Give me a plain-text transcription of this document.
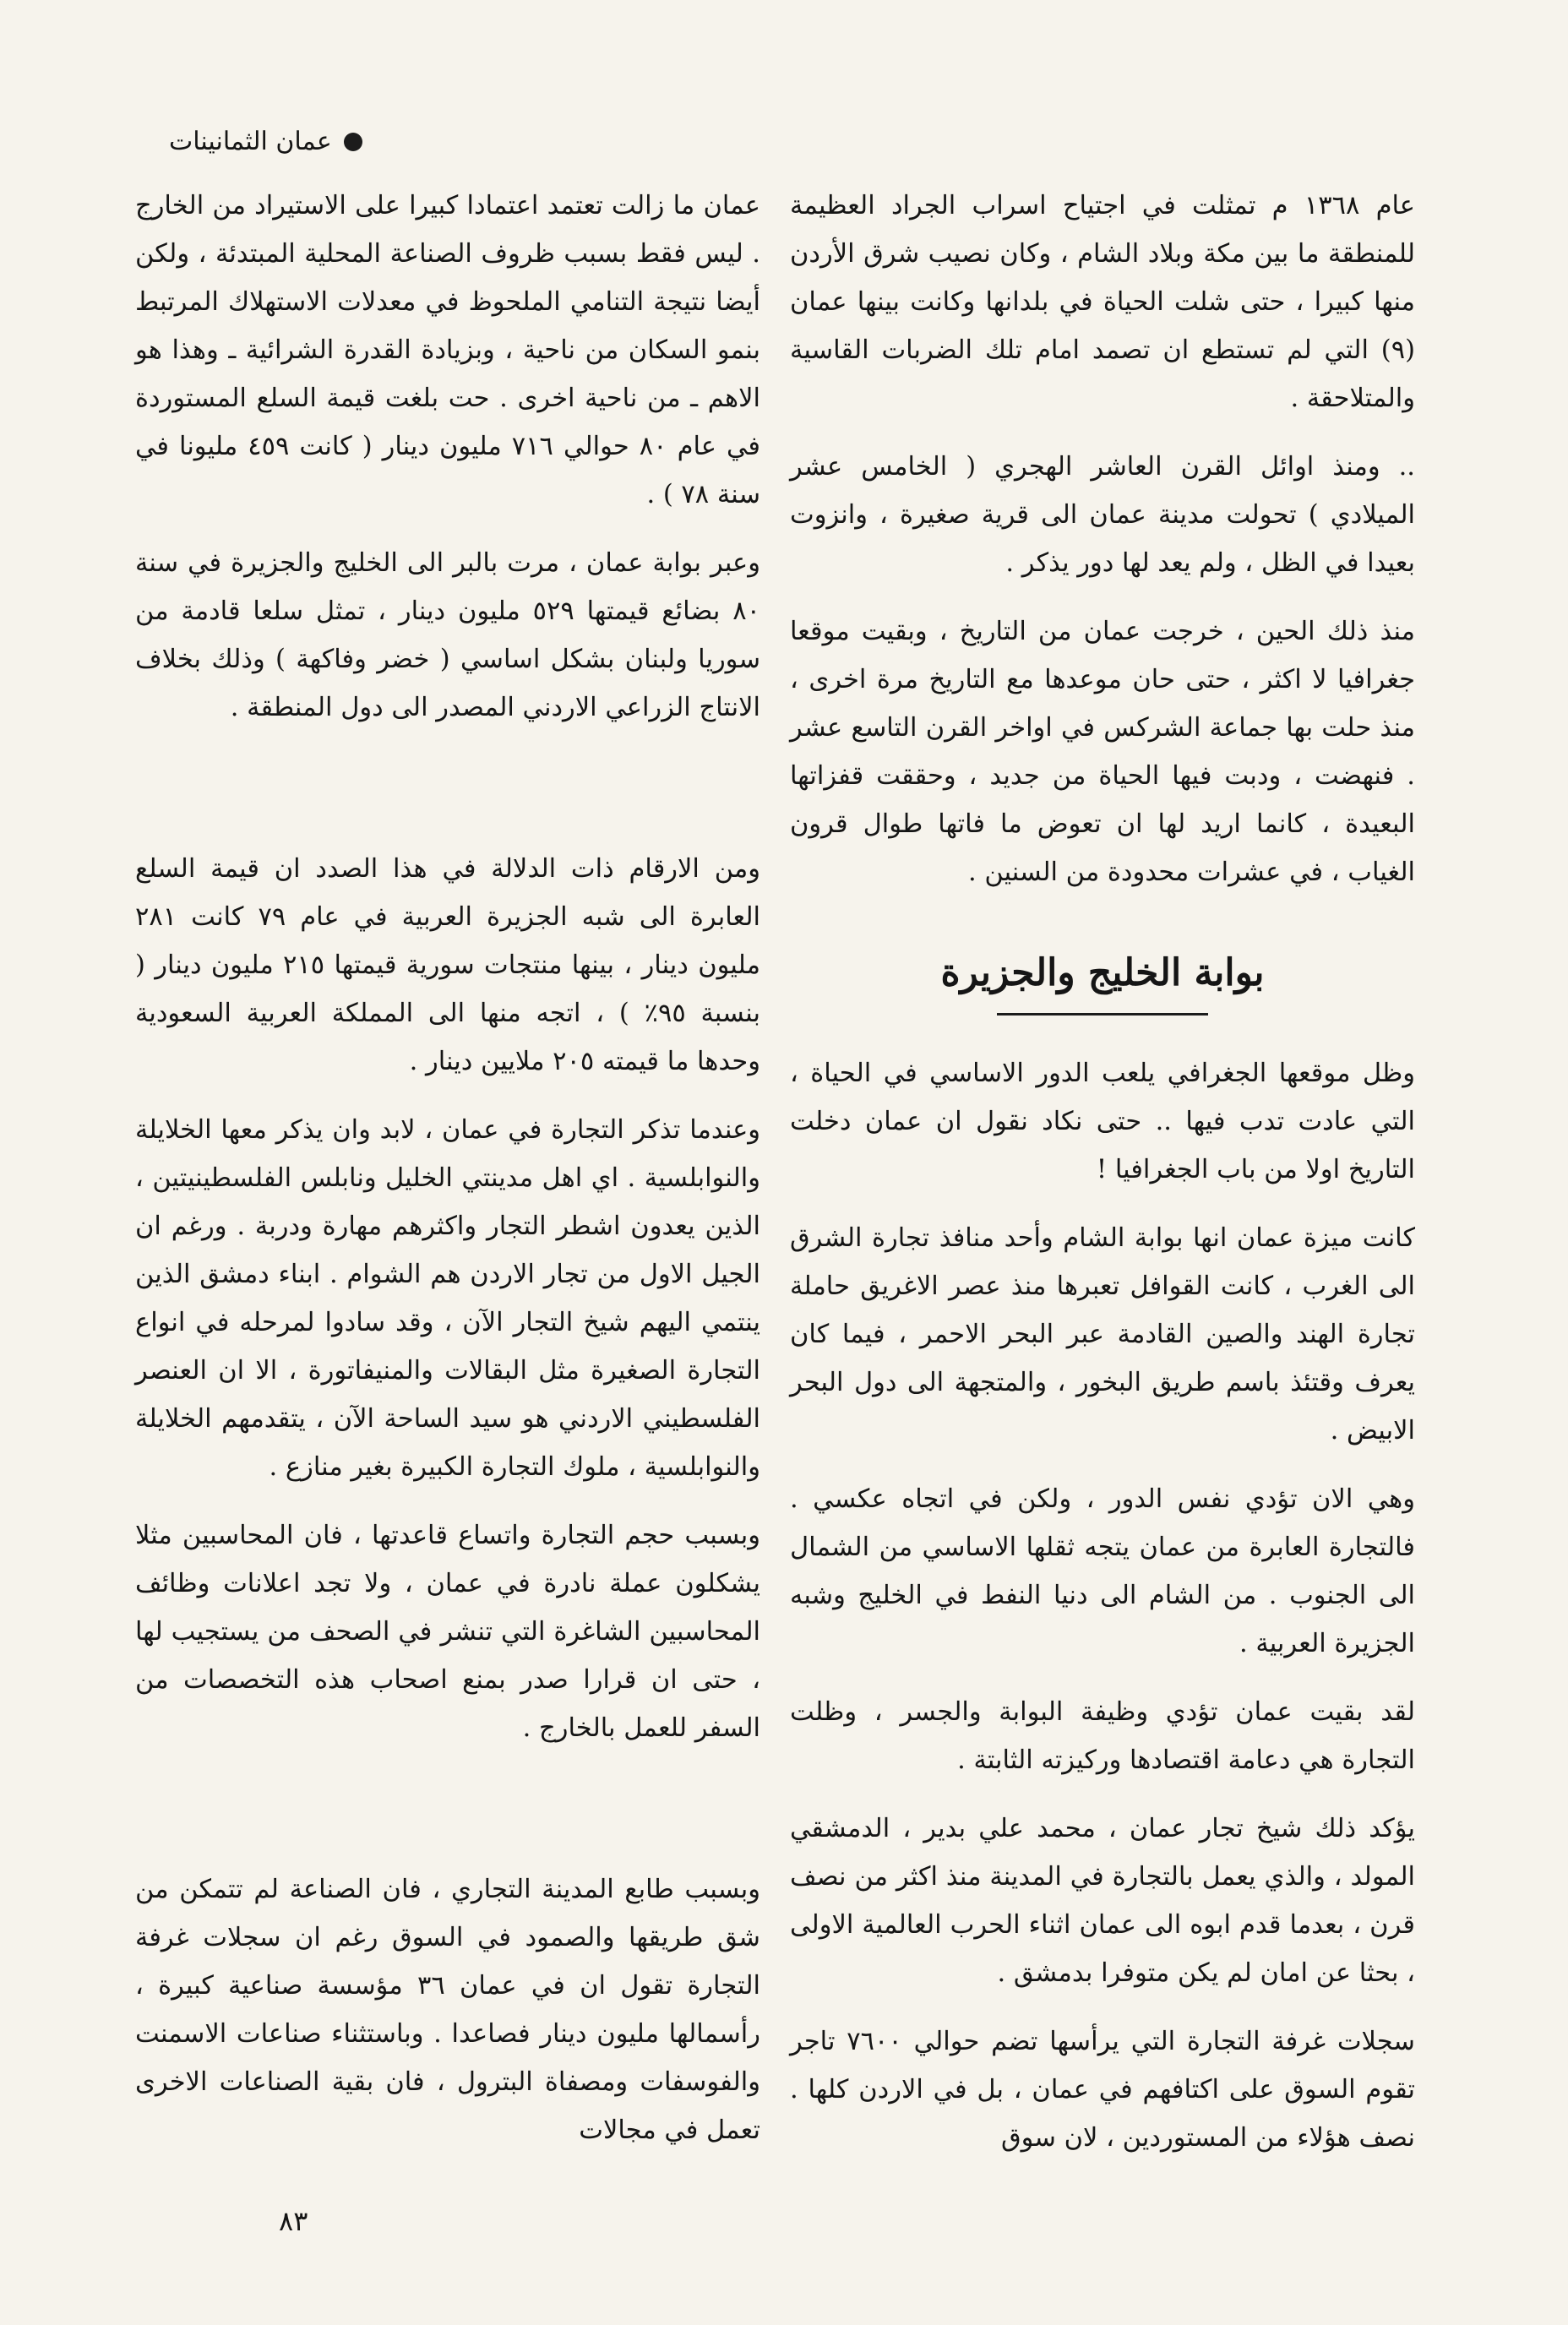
عمان الثمانينات

عام ١٣٦٨ م تمثلت في اجتياح اسراب الجراد العظيمة للمنطقة ما بين مكة وبلاد الشام ، وكان نصيب شرق الأردن منها كبيرا ، حتى شلت الحياة في بلدانها وكانت بينها عمان (٩) التي لم تستطع ان تصمد امام تلك الضربات القاسية والمتلاحقة .

.. ومنذ اوائل القرن العاشر الهجري ( الخامس عشر الميلادي ) تحولت مدينة عمان الى قرية صغيرة ، وانزوت بعيدا في الظل ، ولم يعد لها دور يذكر .

منذ ذلك الحين ، خرجت عمان من التاريخ ، وبقيت موقعا جغرافيا لا اكثر ، حتى حان موعدها مع التاريخ مرة اخرى ، منذ حلت بها جماعة الشركس في اواخر القرن التاسع عشر . فنهضت ، ودبت فيها الحياة من جديد ، وحققت قفزاتها البعيدة ، كانما اريد لها ان تعوض ما فاتها طوال قرون الغياب ، في عشرات محدودة من السنين .

بوابة الخليج والجزيرة

وظل موقعها الجغرافي يلعب الدور الاساسي في الحياة ، التي عادت تدب فيها .. حتى نكاد نقول ان عمان دخلت التاريخ اولا من باب الجغرافيا !

كانت ميزة عمان انها بوابة الشام وأحد منافذ تجارة الشرق الى الغرب ، كانت القوافل تعبرها منذ عصر الاغريق حاملة تجارة الهند والصين القادمة عبر البحر الاحمر ، فيما كان يعرف وقتئذ باسم طريق البخور ، والمتجهة الى دول البحر الابيض .

وهي الان تؤدي نفس الدور ، ولكن في اتجاه عكسي . فالتجارة العابرة من عمان يتجه ثقلها الاساسي من الشمال الى الجنوب . من الشام الى دنيا النفط في الخليج وشبه الجزيرة العربية .

لقد بقيت عمان تؤدي وظيفة البوابة والجسر ، وظلت التجارة هي دعامة اقتصادها وركيزته الثابتة .

يؤكد ذلك شيخ تجار عمان ، محمد علي بدير ، الدمشقي المولد ، والذي يعمل بالتجارة في المدينة منذ اكثر من نصف قرن ، بعدما قدم ابوه الى عمان اثناء الحرب العالمية الاولى ، بحثا عن امان لم يكن متوفرا بدمشق .

سجلات غرفة التجارة التي يرأسها تضم حوالي ٧٦٠٠ تاجر تقوم السوق على اكتافهم في عمان ، بل في الاردن كلها . نصف هؤلاء من المستوردين ، لان سوق

عمان ما زالت تعتمد اعتمادا كبيرا على الاستيراد من الخارج . ليس فقط بسبب ظروف الصناعة المحلية المبتدئة ، ولكن أيضا نتيجة التنامي الملحوظ في معدلات الاستهلاك المرتبط بنمو السكان من ناحية ، وبزيادة القدرة الشرائية ـ وهذا هو الاهم ـ من ناحية اخرى . حت بلغت قيمة السلع المستوردة في عام ٨٠ حوالي ٧١٦ مليون دينار ( كانت ٤٥٩ مليونا في سنة ٧٨ ) .

وعبر بوابة عمان ، مرت بالبر الى الخليج والجزيرة في سنة ٨٠ بضائع قيمتها ٥٢٩ مليون دينار ، تمثل سلعا قادمة من سوريا ولبنان بشكل اساسي ( خضر وفاكهة ) وذلك بخلاف الانتاج الزراعي الاردني المصدر الى دول المنطقة .

ومن الارقام ذات الدلالة في هذا الصدد ان قيمة السلع العابرة الى شبه الجزيرة العربية في عام ٧٩ كانت ٢٨١ مليون دينار ، بينها منتجات سورية قيمتها ٢١٥ مليون دينار ( بنسبة ٩٥٪ ) ، اتجه منها الى المملكة العربية السعودية وحدها ما قيمته ٢٠٥ ملايين دينار .

وعندما تذكر التجارة في عمان ، لابد وان يذكر معها الخلايلة والنوابلسية . اي اهل مدينتي الخليل ونابلس الفلسطينيتين ، الذين يعدون اشطر التجار واكثرهم مهارة ودربة . ورغم ان الجيل الاول من تجار الاردن هم الشوام . ابناء دمشق الذين ينتمي اليهم شيخ التجار الآن ، وقد سادوا لمرحله في انواع التجارة الصغيرة مثل البقالات والمنيفاتورة ، الا ان العنصر الفلسطيني الاردني هو سيد الساحة الآن ، يتقدمهم الخلايلة والنوابلسية ، ملوك التجارة الكبيرة بغير منازع .

وبسبب حجم التجارة واتساع قاعدتها ، فان المحاسبين مثلا يشكلون عملة نادرة في عمان ، ولا تجد اعلانات وظائف المحاسبين الشاغرة التي تنشر في الصحف من يستجيب لها ، حتى ان قرارا صدر بمنع اصحاب هذه التخصصات من السفر للعمل بالخارج .

وبسبب طابع المدينة التجاري ، فان الصناعة لم تتمكن من شق طريقها والصمود في السوق رغم ان سجلات غرفة التجارة تقول ان في عمان ٣٦ مؤسسة صناعية كبيرة ، رأسمالها مليون دينار فصاعدا . وباستثناء صناعات الاسمنت والفوسفات ومصفاة البترول ، فان بقية الصناعات الاخرى تعمل في مجالات

٨٣
